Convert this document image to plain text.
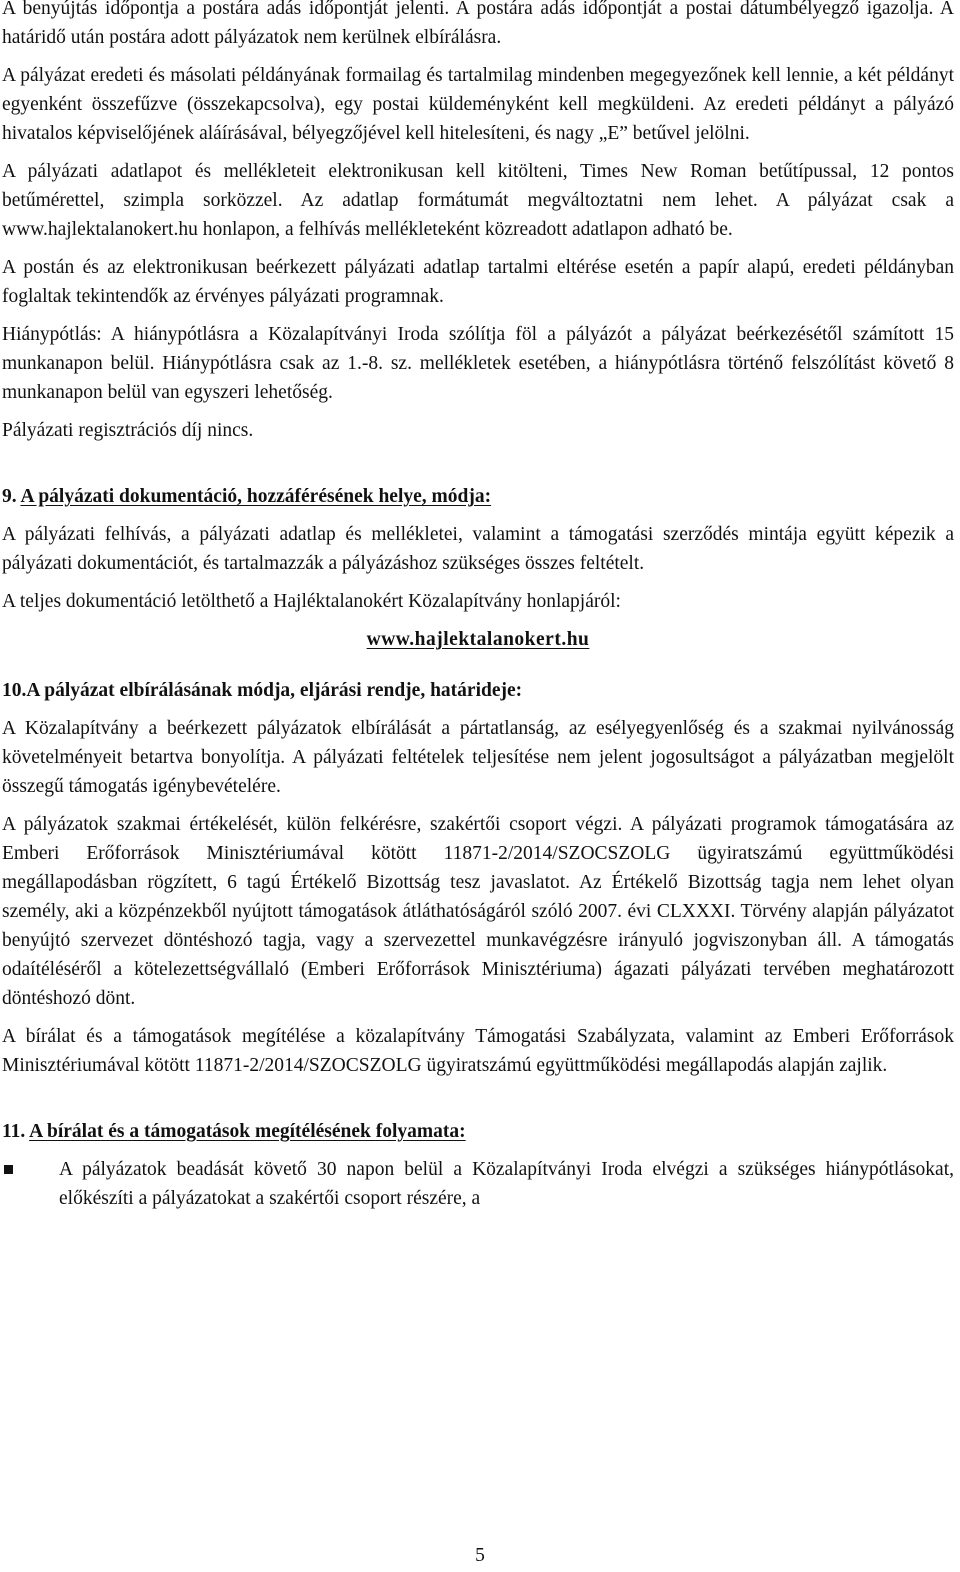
A benyújtás időpontja a postára adás időpontját jelenti. A postára adás időpontját a postai dátumbélyegző igazolja. A határidő után postára adott pályázatok nem kerülnek elbírálásra.

A pályázat eredeti és másolati példányának formailag és tartalmilag mindenben megegyezőnek kell lennie, a két példányt egyenként összefűzve (összekapcsolva), egy postai küldeményként kell megküldeni. Az eredeti példányt a pályázó hivatalos képviselőjének aláírásával, bélyegzőjével kell hitelesíteni, és nagy „E” betűvel jelölni.

A pályázati adatlapot és mellékleteit elektronikusan kell kitölteni, Times New Roman betűtípussal, 12 pontos betűmérettel, szimpla sorközzel. Az adatlap formátumát megváltoztatni nem lehet. A pályázat csak a www.hajlektalanokert.hu honlapon, a felhívás mellékleteként közreadott adatlapon adható be.

A postán és az elektronikusan beérkezett pályázati adatlap tartalmi eltérése esetén a papír alapú, eredeti példányban foglaltak tekintendők az érvényes pályázati programnak.

Hiánypótlás: A hiánypótlásra a Közalapítványi Iroda szólítja föl a pályázót a pályázat beérkezésétől számított 15 munkanapon belül. Hiánypótlásra csak az 1.-8. sz. mellékletek esetében, a hiánypótlásra történő felszólítást követő 8 munkanapon belül van egyszeri lehetőség.

Pályázati regisztrációs díj nincs.

9. A pályázati dokumentáció, hozzáférésének helye, módja:

A pályázati felhívás, a pályázati adatlap és mellékletei, valamint a támogatási szerződés mintája együtt képezik a pályázati dokumentációt, és tartalmazzák a pályázáshoz szükséges összes feltételt.

A teljes dokumentáció letölthető a Hajléktalanokért Közalapítvány honlapjáról:

www.hajlektalanokert.hu
10.A pályázat elbírálásának módja, eljárási rendje, határideje:

A Közalapítvány a beérkezett pályázatok elbírálását a pártatlanság, az esélyegyenlőség és a szakmai nyilvánosság követelményeit betartva bonyolítja. A pályázati feltételek teljesítése nem jelent jogosultságot a pályázatban megjelölt összegű támogatás igénybevételére.

A pályázatok szakmai értékelését, külön felkérésre, szakértői csoport végzi. A pályázati programok támogatására az Emberi Erőforrások Minisztériumával kötött 11871-2/2014/SZOCSZOLG ügyiratszámú együttműködési megállapodásban rögzített, 6 tagú Értékelő Bizottság tesz javaslatot. Az Értékelő Bizottság tagja nem lehet olyan személy, aki a közpénzekből nyújtott támogatások átláthatóságáról szóló 2007. évi CLXXXI. Törvény alapján pályázatot benyújtó szervezet döntéshozó tagja, vagy a szervezettel munkavégzésre irányuló jogviszonyban áll. A támogatás odaítéléséről a kötelezettségvállaló (Emberi Erőforrások Minisztériuma) ágazati pályázati tervében meghatározott döntéshozó dönt.

A bírálat és a támogatások megítélése a közalapítvány Támogatási Szabályzata, valamint az Emberi Erőforrások Minisztériumával kötött 11871-2/2014/SZOCSZOLG ügyiratszámú együttműködési megállapodás alapján zajlik.

11. A bírálat és a támogatások megítélésének folyamata:
A pályázatok beadását követő 30 napon belül a Közalapítványi Iroda elvégzi a szükséges hiánypótlásokat, előkészíti a pályázatokat a szakértői csoport részére, a
5
